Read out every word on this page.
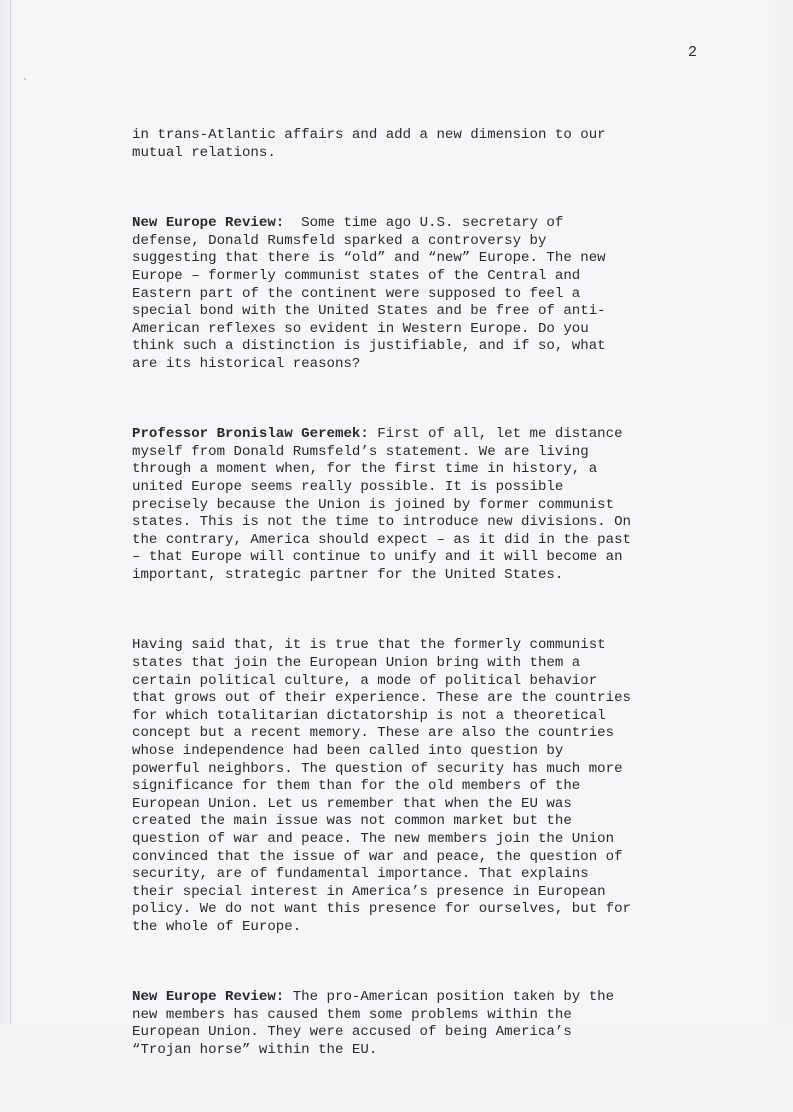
2

in trans-Atlantic affairs and add a new dimension to our
mutual relations.

New Europe Review:  Some time ago U.S. secretary of
defense, Donald Rumsfeld sparked a controversy by
suggesting that there is “old” and “new” Europe. The new
Europe – formerly communist states of the Central and
Eastern part of the continent were supposed to feel a
special bond with the United States and be free of anti-
American reflexes so evident in Western Europe. Do you
think such a distinction is justifiable, and if so, what
are its historical reasons?

Professor Bronislaw Geremek: First of all, let me distance
myself from Donald Rumsfeld’s statement. We are living
through a moment when, for the first time in history, a
united Europe seems really possible. It is possible
precisely because the Union is joined by former communist
states. This is not the time to introduce new divisions. On
the contrary, America should expect – as it did in the past
– that Europe will continue to unify and it will become an
important, strategic partner for the United States.

Having said that, it is true that the formerly communist
states that join the European Union bring with them a
certain political culture, a mode of political behavior
that grows out of their experience. These are the countries
for which totalitarian dictatorship is not a theoretical
concept but a recent memory. These are also the countries
whose independence had been called into question by
powerful neighbors. The question of security has much more
significance for them than for the old members of the
European Union. Let us remember that when the EU was
created the main issue was not common market but the
question of war and peace. The new members join the Union
convinced that the issue of war and peace, the question of
security, are of fundamental importance. That explains
their special interest in America’s presence in European
policy. We do not want this presence for ourselves, but for
the whole of Europe.

New Europe Review: The pro-American position taken by the
new members has caused them some problems within the
European Union. They were accused of being America’s
“Trojan horse” within the EU.
